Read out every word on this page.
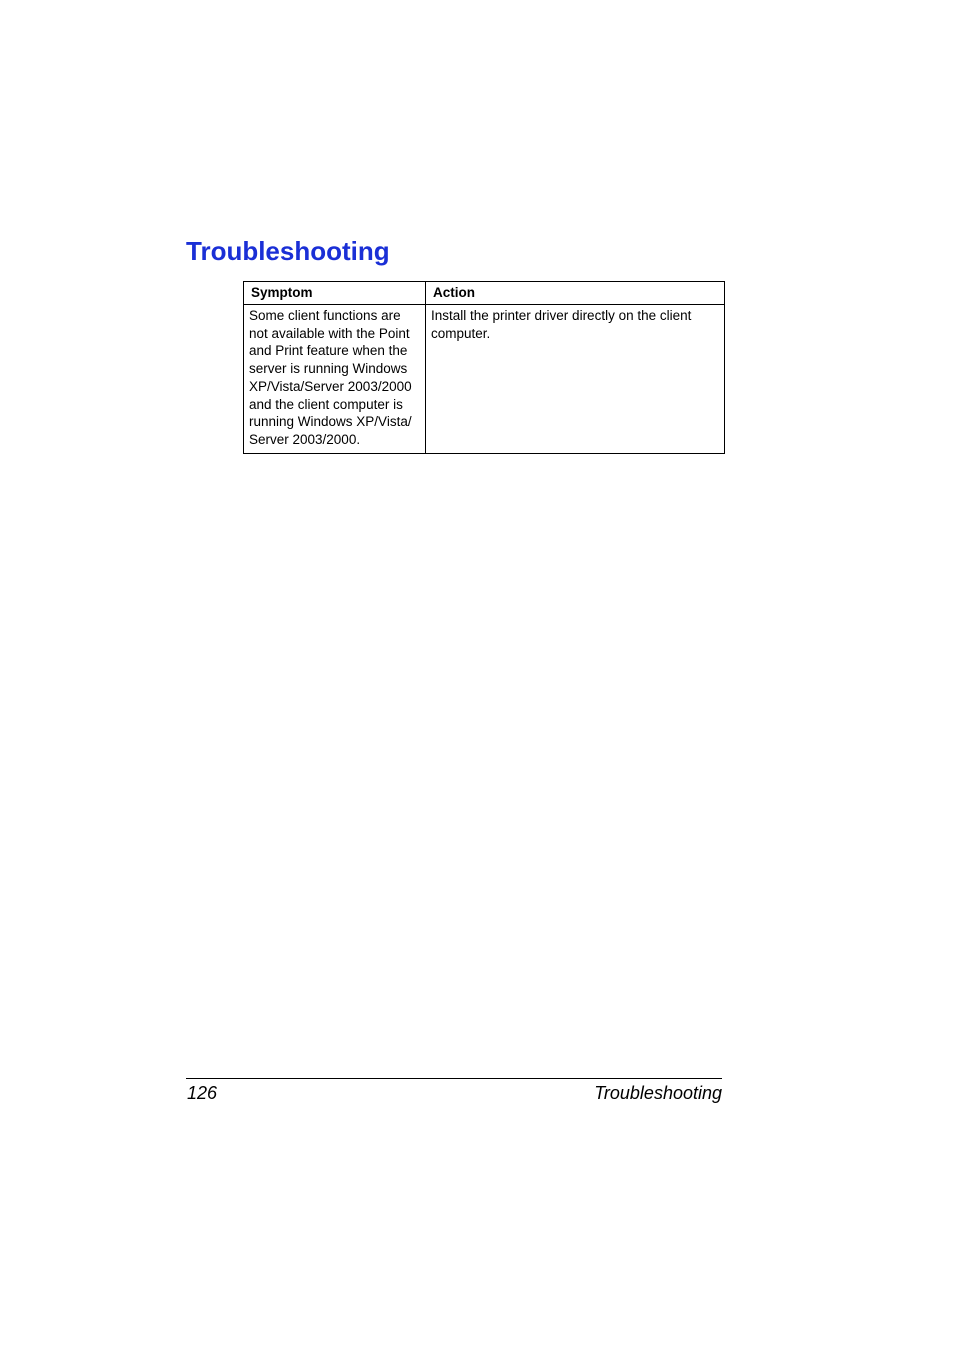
Troubleshooting
Symptom	Action
Some client functions are not available with the Point and Print feature when the server is running Windows XP/Vista/Server 2003/2000 and the client computer is running Windows XP/Vista/ Server 2003/2000.	Install the printer driver directly on the client computer.
126	Troubleshooting
